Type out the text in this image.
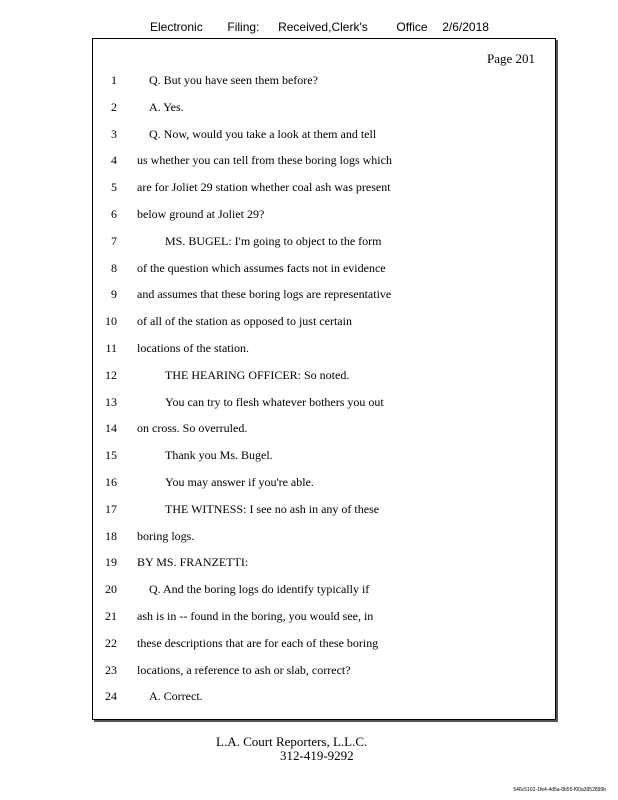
Electronic Filing: Received,Clerk's Office 2/6/2018
Page 201
1	Q. But you have seen them before?
2	A. Yes.
3	Q. Now, would you take a look at them and tell
4 us whether you can tell from these boring logs which
5 are for Joliet 29 station whether coal ash was present
6 below ground at Joliet 29?
7	MS. BUGEL: I'm going to object to the form
8 of the question which assumes facts not in evidence
9 and assumes that these boring logs are representative
10 of all of the station as opposed to just certain
11 locations of the station.
12	THE HEARING OFFICER: So noted.
13	You can try to flesh whatever bothers you out
14 on cross. So overruled.
15	Thank you Ms. Bugel.
16	You may answer if you're able.
17	THE WITNESS: I see no ash in any of these
18 boring logs.
19 BY MS. FRANZETTI:
20	Q. And the boring logs do identify typically if
21 ash is in -- found in the boring, you would see, in
22 these descriptions that are for each of these boring
23 locations, a reference to ash or slab, correct?
24	A. Correct.
L.A. Court Reporters, L.L.C.
312-419-9292
546c5102-1fe4-4d5a-8b55-f00a3952899b
